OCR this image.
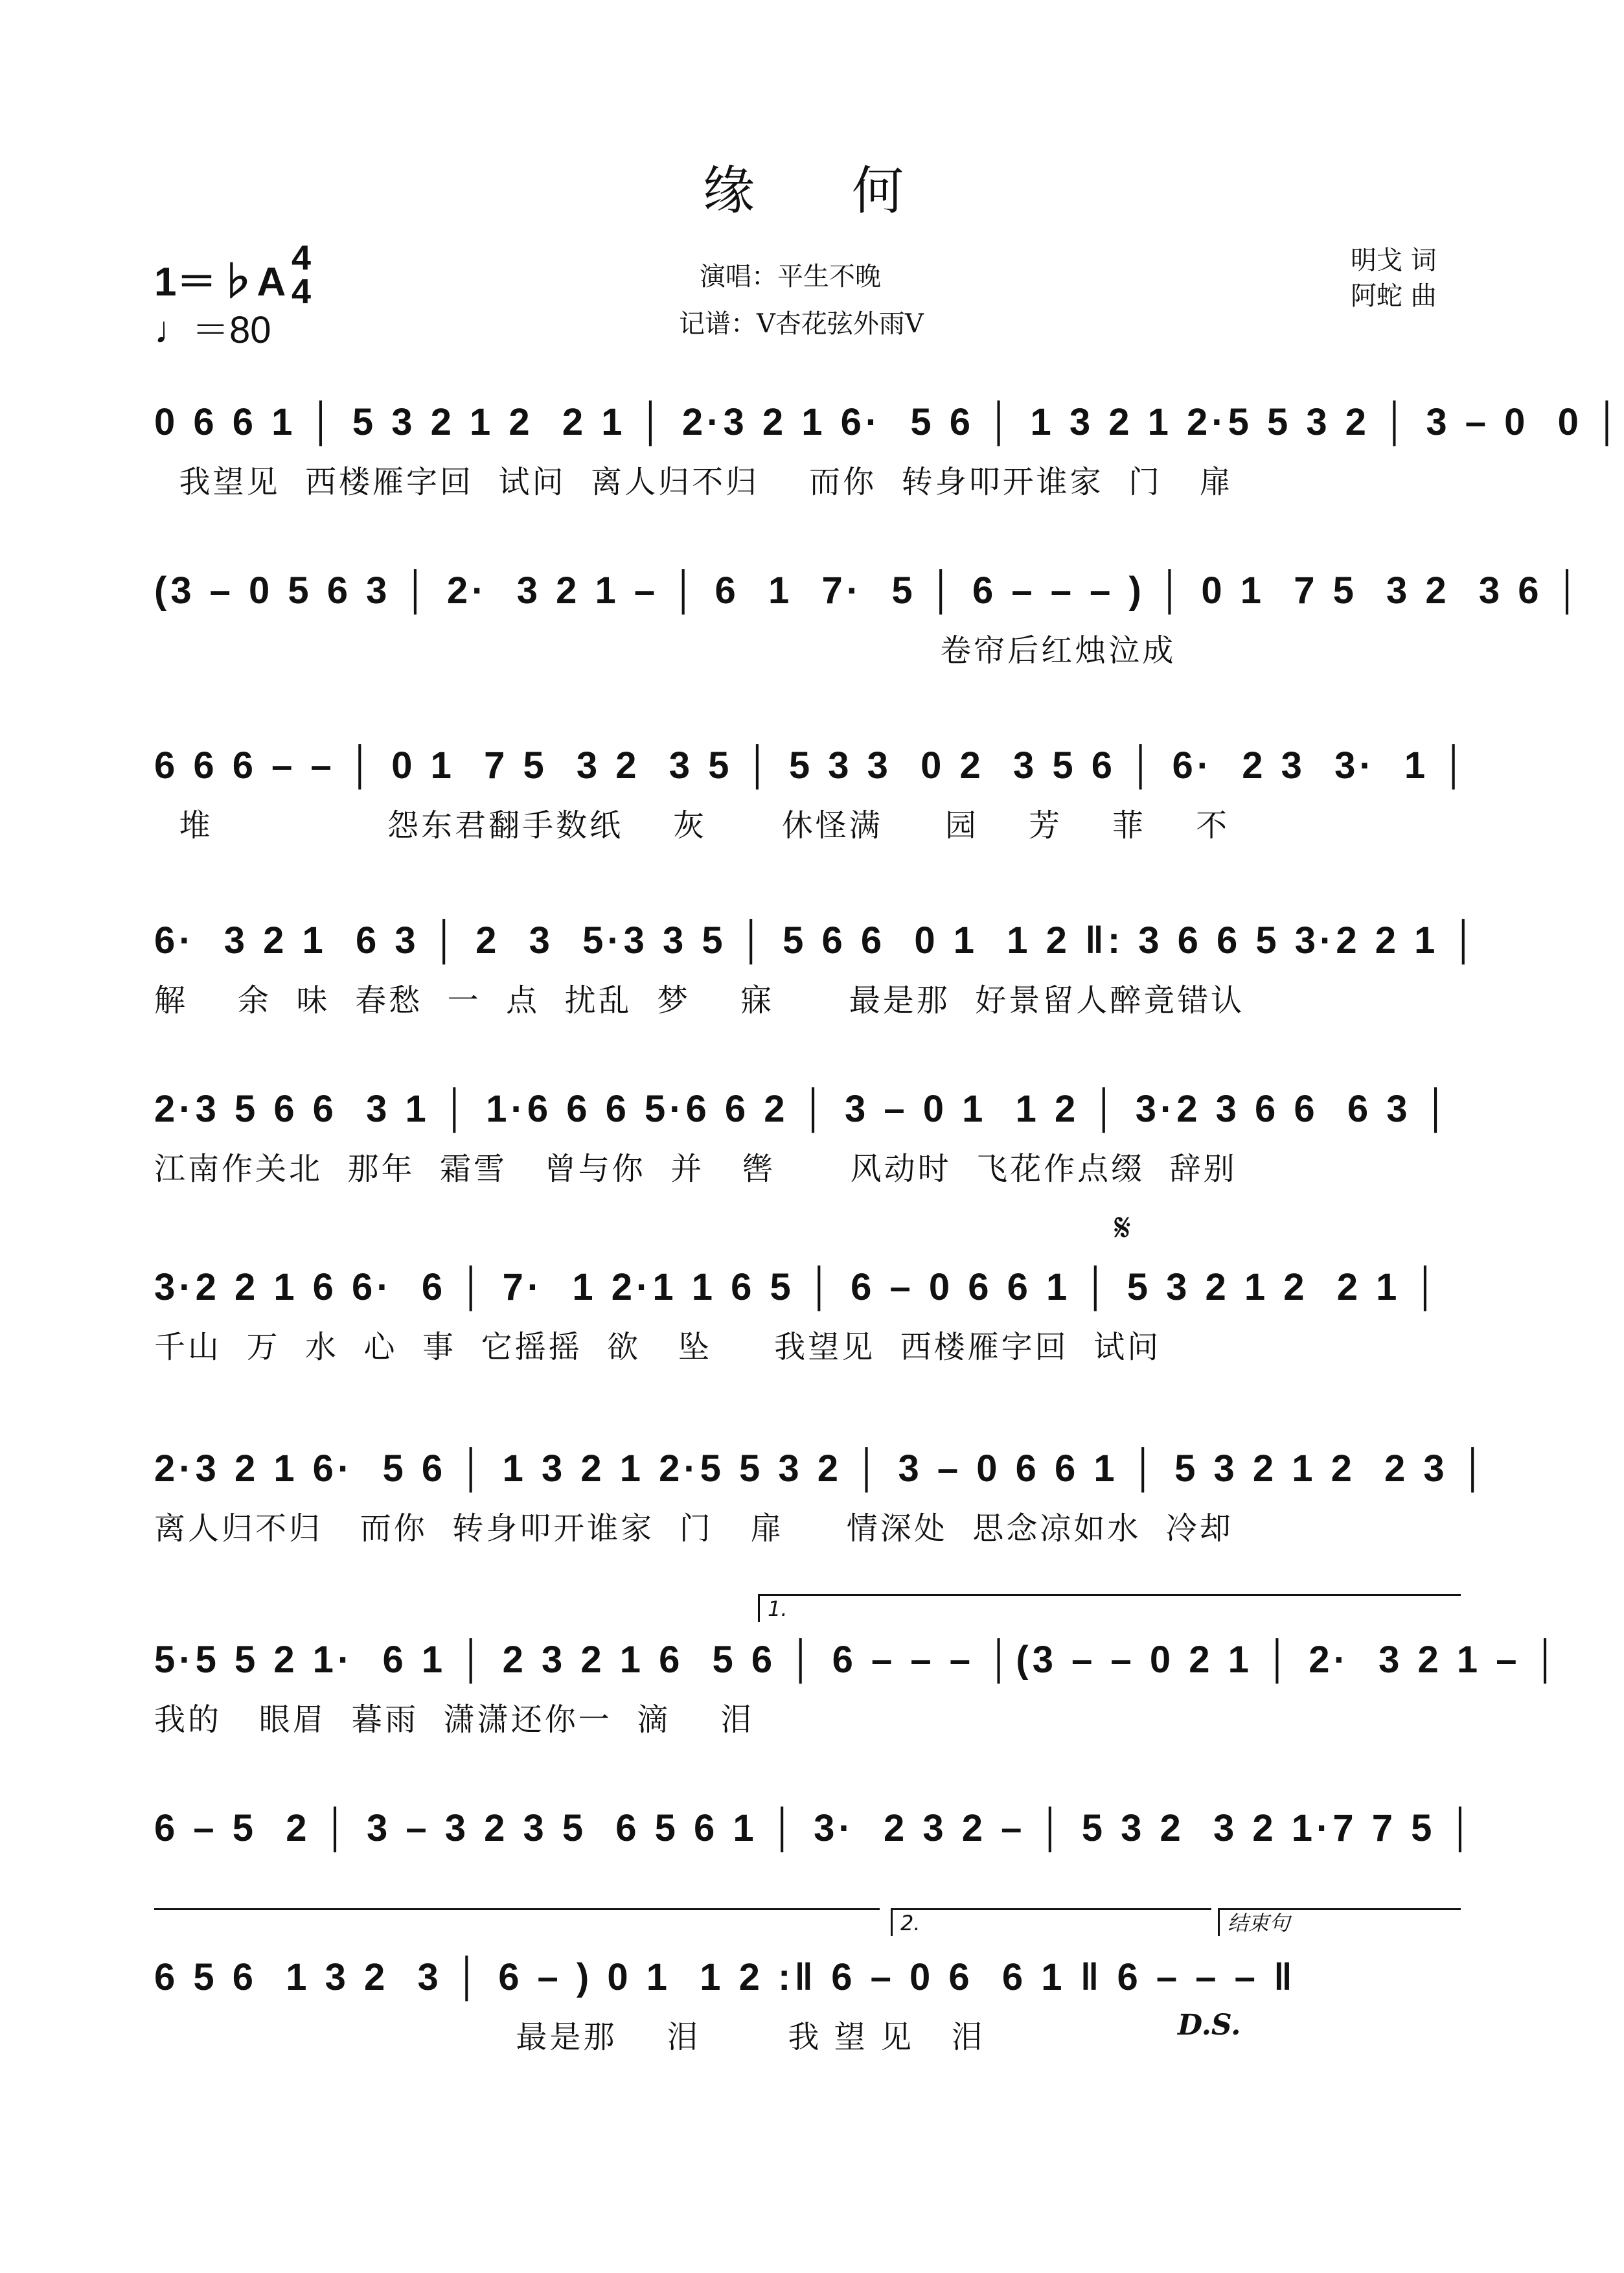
缘何
1＝♭A
4
4
♩＝80
演唱：平生不晚
记谱：V杏花弦外雨V
明戈 词
阿蛇 曲
0 6 6 1 │ 5 3 2 1 2  2 1 │ 2·3 2 1 6·  5 6 │ 1 3 2 1 2·5 5 3 2 │ 3 – 0  0 │
我望见  西楼雁字回  试问  离人归不归    而你  转身叩开谁家  门   扉
(3 – 0 5 6 3 │ 2·  3 2 1 – │ 6  1  7·  5 │ 6 – – – ) │ 0 1  7 5  3 2  3 6 │
卷帘后红烛泣成
6 6 6 – – │ 0 1  7 5  3 2  3 5 │ 5 3 3  0 2  3 5 6 │ 6·  2 3  3·  1 │
堆              怨东君翻手数纸    灰      休怪满     园    芳    菲    不
6·  3 2 1  6 3 │ 2  3  5·3 3 5 │ 5 6 6  0 1  1 2 ‖: 3 6 6 5 3·2 2 1 │
解    余  味  春愁  一  点  扰乱  梦    寐      最是那  好景留人醉竟错认
2·3 5 6 6  3 1 │ 1·6 6 6 5·6 6 2 │ 3 – 0 1  1 2 │ 3·2 3 6 6  6 3 │
江南作关北  那年  霜雪   曾与你  并   辔      风动时  飞花作点缀  辞别
𝄋
3·2 2 1 6 6·  6 │ 7·  1 2·1 1 6 5 │ 6 – 0 6 6 1 │ 5 3 2 1 2  2 1 │
千山  万  水  心  事  它摇摇  欲   坠     我望见  西楼雁字回  试问
2·3 2 1 6·  5 6 │ 1 3 2 1 2·5 5 3 2 │ 3 – 0 6 6 1 │ 5 3 2 1 2  2 3 │
离人归不归   而你  转身叩开谁家  门   扉     情深处  思念凉如水  冷却
1.
5·5 5 2 1·  6 1 │ 2 3 2 1 6  5 6 │ 6 – – – │(3 – – 0 2 1 │ 2·  3 2 1 – │
我的   眼眉  暮雨  潇潇还你一  滴    泪
6 – 5  2 │ 3 – 3 2 3 5  6 5 6 1 │ 3·  2 3 2 – │ 5 3 2  3 2 1·7 7 5 │
2.	结束句
6 5 6  1 3 2  3 │ 6 – ) 0 1  1 2 :‖ 6 – 0 6  6 1 ‖ 6 – – – ‖
最是那    泪       我 望 见   泪	D.S.
